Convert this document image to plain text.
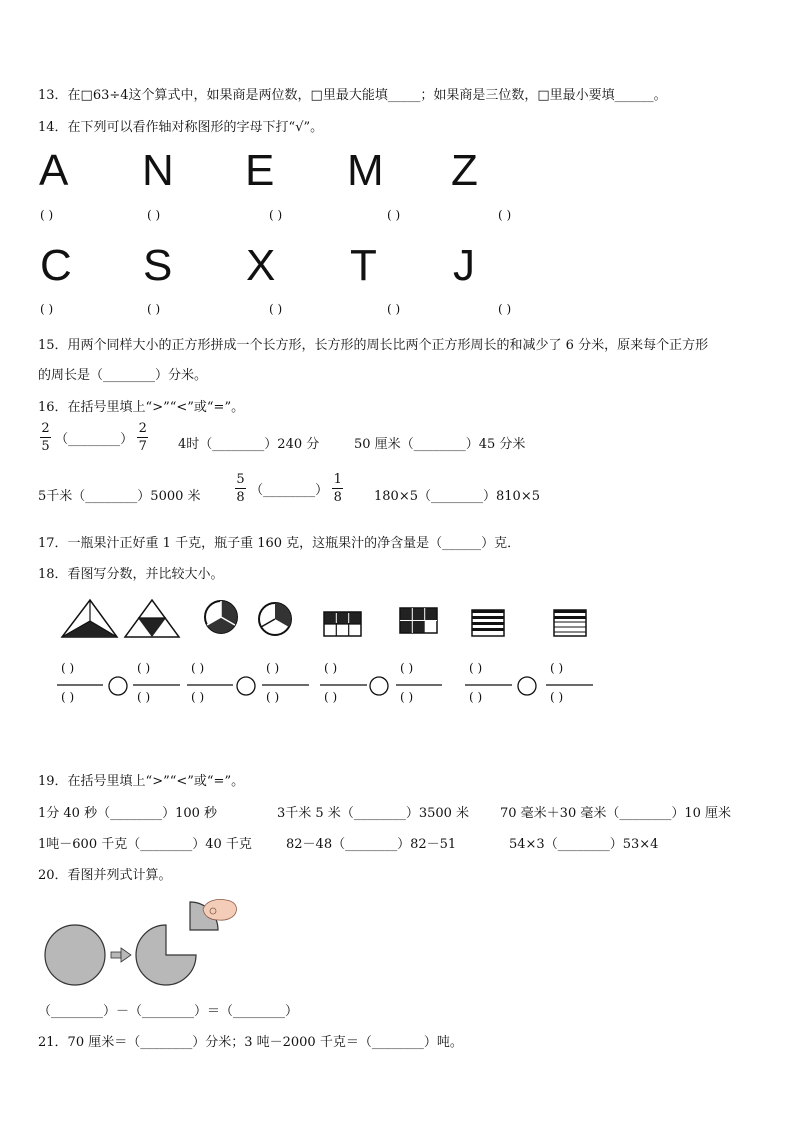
13．在□63÷4这个算式中，如果商是两位数，□里最大能填_____；如果商是三位数，□里最小要填______。
14．在下列可以看作轴对称图形的字母下打“√”。
A N E M Z
( )	( )	( )	( )	( )
C S X T J
( )	( )	( )	( )	( )
15．用两个同样大小的正方形拼成一个长方形，长方形的周长比两个正方形周长的和减少了 6 分米，原来每个正方形
的周长是（________）分米。
16．在括号里填上“>”“<”或“=”。
$\frac{2}{5}$ （________） $\frac{2}{7} 4$时（________）240 分	50 厘米（________）45 分米
5千米（________）5000 米	$\frac{5}{8}$ （________） $\frac{1}{8}$ 180×5（________）810×5
17．一瓶果汁正好重 1 千克，瓶子重 160 克，这瓶果汁的净含量是（______）克．
18．看图写分数，并比较大小。
( )
( )
( )
( )
( )
( )
( )
( )
( )
( )
( )
( )
( )
( )
( )
( )
19．在括号里填上“>”“<”或“=”。
1分 40 秒（________）100 秒	3千米 5 米（________）3500 米 70 毫米＋30 毫米（________）10 厘米
1吨－600 千克（________）40 千克	82－48（________）82－51	54×3（________）53×4
20．看图并列式计算。
（________）－（________）＝（________）
21．70 厘米＝（________）分米；3 吨－2000 千克＝（________）吨。
